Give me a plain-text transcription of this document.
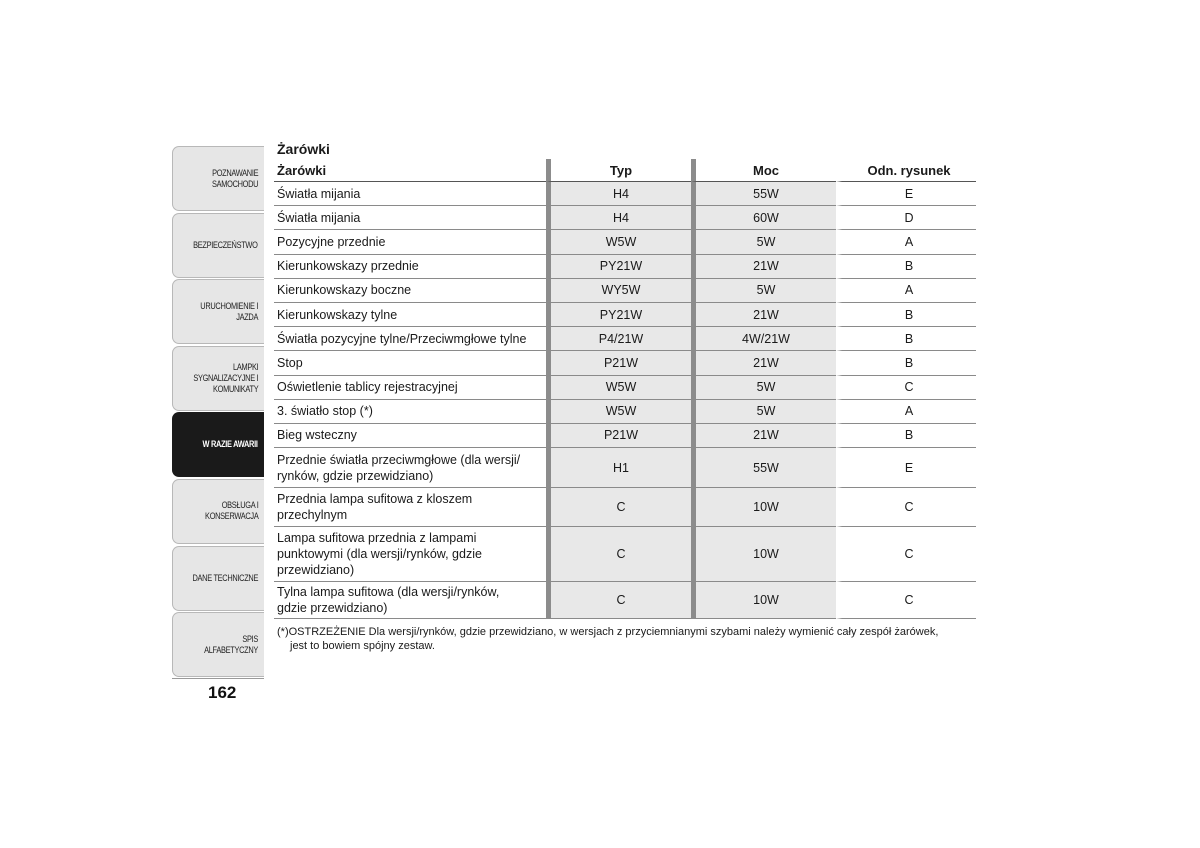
POZNAWANIE
SAMOCHODU
BEZPIECZEŃSTWO
URUCHOMIENIE I
JAZDA
LAMPKI
SYGNALIZACYJNE I
KOMUNIKATY
W RAZIE AWARII
OBSŁUGA I
KONSERWACJA
DANE TECHNICZNE
SPIS ALFABETYCZNY
162
Żarówki
Żarówki	Typ	Moc	Odn. rysunek
Światła mijania	H4	55W	E
Światła mijania	H4	60W	D
Pozycyjne przednie	W5W	5W	A
Kierunkowskazy przednie	PY21W	21W	B
Kierunkowskazy boczne	WY5W	5W	A
Kierunkowskazy tylne	PY21W	21W	B
Światła pozycyjne tylne/Przeciwmgłowe tylne	P4/21W	4W/21W	B
Stop	P21W	21W	B
Oświetlenie tablicy rejestracyjnej	W5W	5W	C
3. światło stop (*)	W5W	5W	A
Bieg wsteczny	P21W	21W	B
Przednie światła przeciwmgłowe (dla wersji/
rynków, gdzie przewidziano)	H1	55W	E
Przednia lampa sufitowa z kloszem
przechylnym	C	10W	C
Lampa sufitowa przednia z lampami
punktowymi (dla wersji/rynków, gdzie
przewidziano)	C	10W	C
Tylna lampa sufitowa (dla wersji/rynków,
gdzie przewidziano)	C	10W	C
(*)OSTRZEŻENIE Dla wersji/rynków, gdzie przewidziano, w wersjach z przyciemnianymi szybami należy wymienić cały zespół żarówek,
jest to bowiem spójny zestaw.
